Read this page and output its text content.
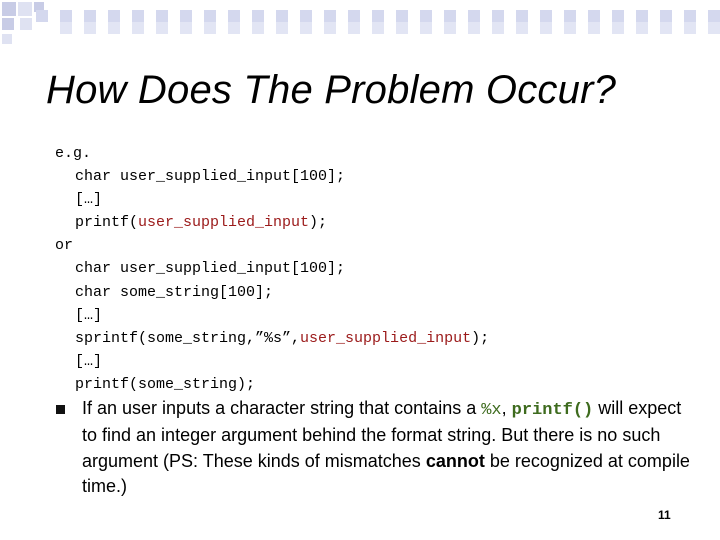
How Does The Problem Occur?
e.g.
char user_supplied_input[100];
[…]
printf(user_supplied_input);
or
char user_supplied_input[100];
char some_string[100];
[…]
sprintf(some_string,”%s”,user_supplied_input);
[…]
printf(some_string);
If an user inputs a character string that contains a %x, printf() will expect to find an integer argument behind the format string. But there is no such argument (PS: These kinds of mismatches cannot be recognized at compile time.)
11
